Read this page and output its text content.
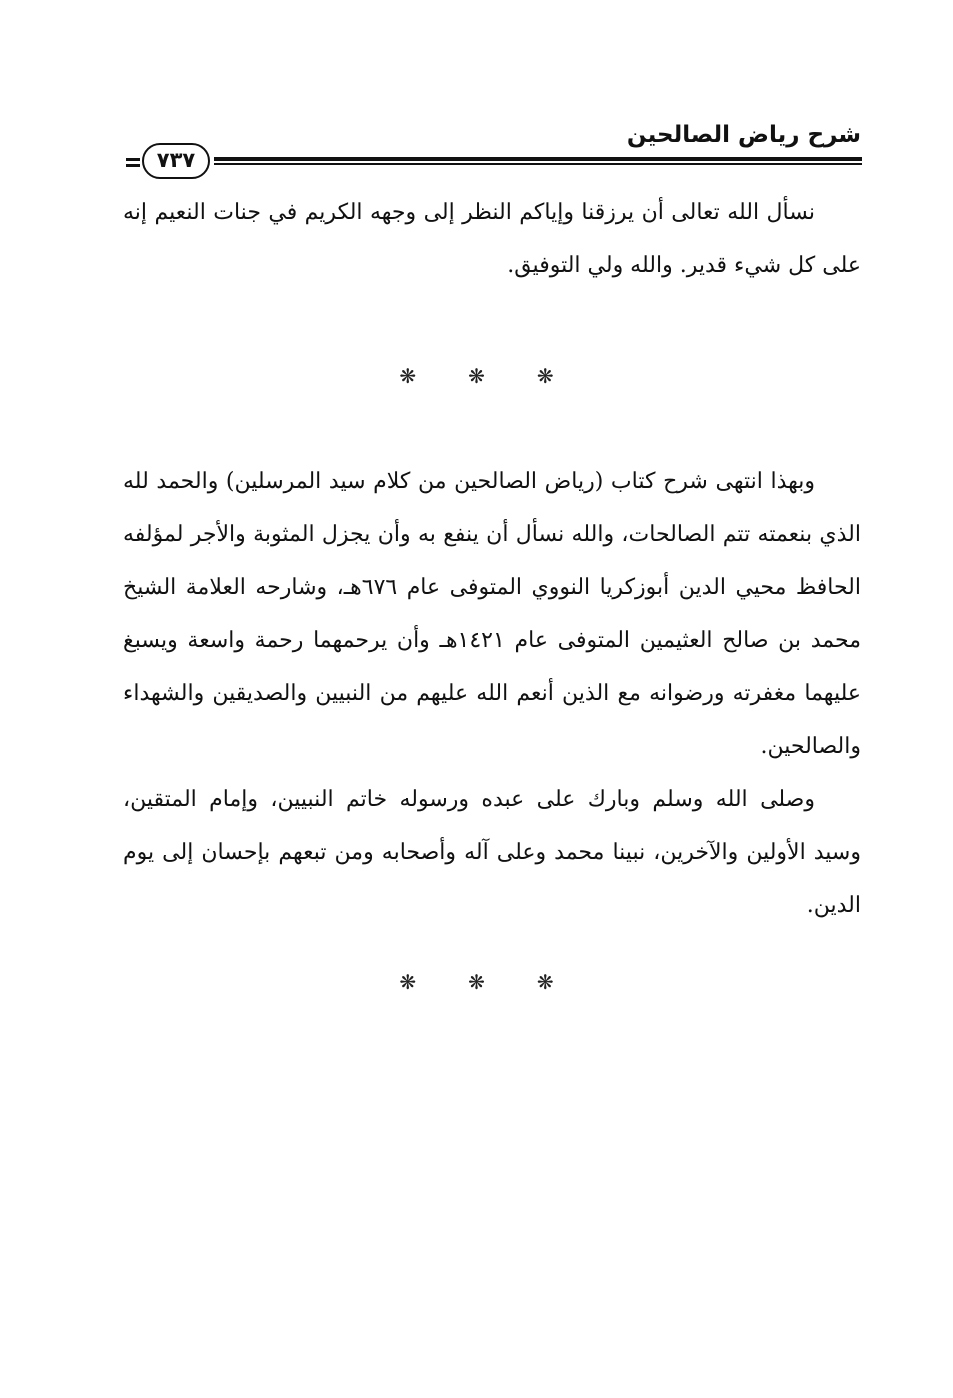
شرح رياض الصالحين
٧٣٧

نسأل الله تعالى أن يرزقنا وإياكم النظر إلى وجهه الكريم في جنات النعيم إنه على كل شيء قدير. والله ولي التوفيق.

❋	❋	❋

وبهذا انتهى شرح كتاب (رياض الصالحين من كلام سيد المرسلين) والحمد لله الذي بنعمته تتم الصالحات، والله نسأل أن ينفع به وأن يجزل المثوبة والأجر لمؤلفه الحافظ محيي الدين أبوزكريا النووي المتوفى عام ٦٧٦هـ، وشارحه العلامة الشيخ محمد بن صالح العثيمين المتوفى عام ١٤٢١هـ وأن يرحمهما رحمة واسعة ويسبغ عليهما مغفرته ورضوانه مع الذين أنعم الله عليهم من النبيين والصديقين والشهداء والصالحين.

وصلى الله وسلم وبارك على عبده ورسوله خاتم النبيين، وإمام المتقين، وسيد الأولين والآخرين، نبينا محمد وعلى آله وأصحابه ومن تبعهم بإحسان إلى يوم الدين.

❋	❋	❋
